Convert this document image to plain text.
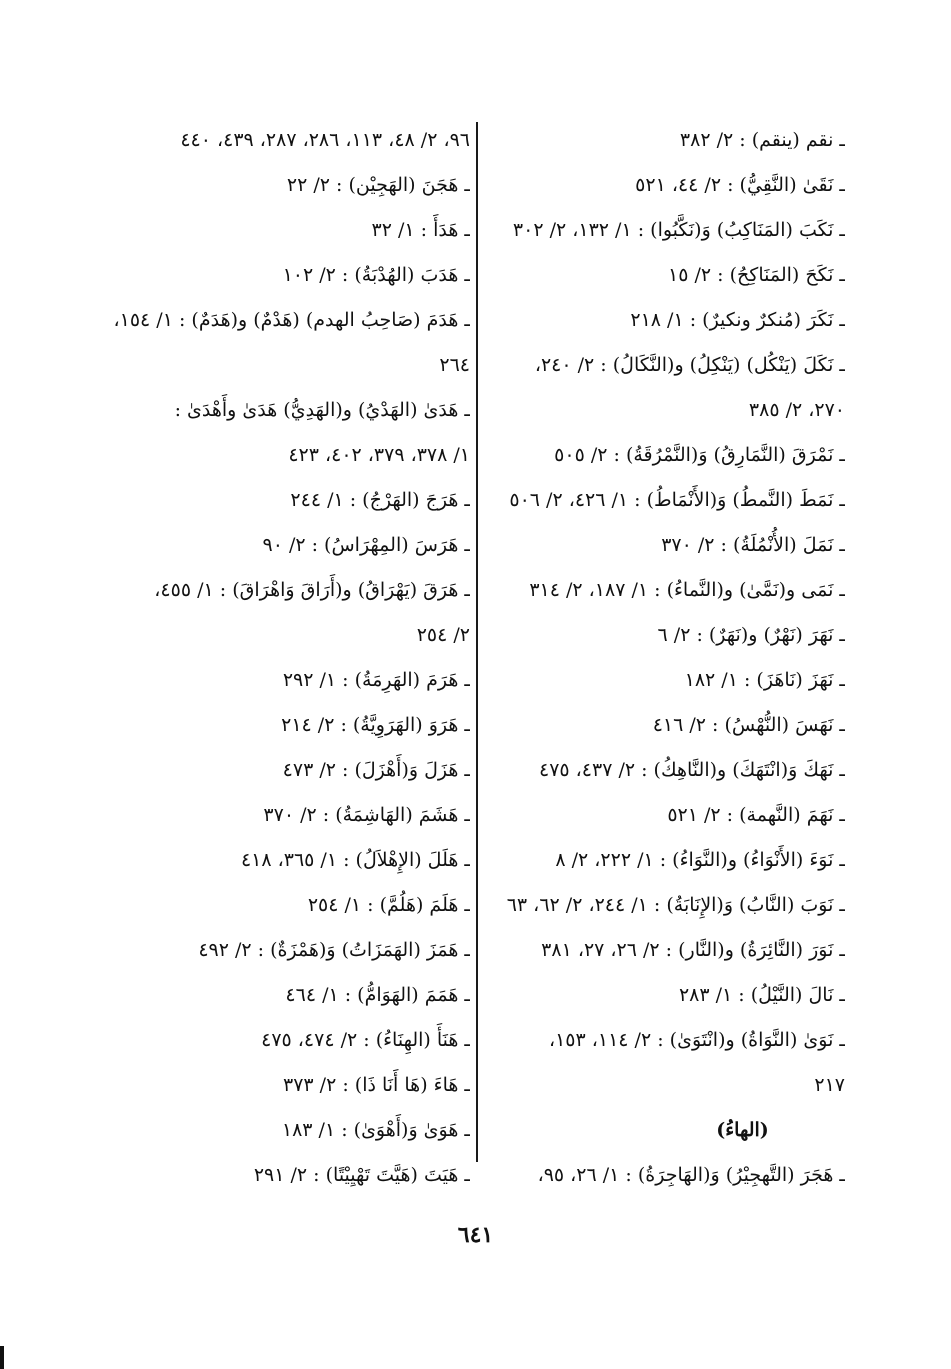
ـ نقم (ينقم) : ٢/ ٣٨٢
ـ نَقَىٰ (النَّقِيُّ) : ٢/ ٤٤، ٥٢١
ـ نَكَبَ (المَنَاكِبُ) وَ(نَكَّبُوا) : ١/ ١٣٢، ٢/ ٣٠٢
ـ نَكَحَ (المَنَاكِحُ) : ٢/ ١٥
ـ نَكَرَ (مُنكرٌ ونكيرٌ) : ١/ ٢١٨
ـ نَكَلَ (يَنْكُل) (يَنْكِلُ) و(النَّكَالُ) : ٢/ ٢٤٠،
٢٧٠، ٢/ ٣٨٥
ـ نَمْرَقَ (النَّمَارِقُ) وَ(النَّمْرُقَةُ) : ٢/ ٥٠٥
ـ نَمَطَ (النَّمطُ) وَ(الأَنْمَاطُ) : ١/ ٤٢٦، ٢/ ٥٠٦
ـ نَمَلَ (الأُنْمُلَةُ) : ٢/ ٣٧٠
ـ نَمَى و(نَمَّىٰ) و(النَّماءُ) : ١/ ١٨٧، ٢/ ٣١٤
ـ نَهَرَ (نَهْرٌ) و(نَهَرٌ) : ٢/ ٦
ـ نَهَزَ (نَاهَزَ) : ١/ ١٨٢
ـ نَهَسَ (النُّهْسُ) : ٢/ ٤١٦
ـ نَهَكَ وَ(انْتَهَكَ) و(النَّاهِكُ) : ٢/ ٤٣٧، ٤٧٥
ـ نَهَمَ (النَّهمة) : ٢/ ٥٢١
ـ نَوَءَ (الأَنْوَاءُ) و(النَّوَاءُ) : ١/ ٢٢٢، ٢/ ٨
ـ نَوَبَ (النَّابُ) وَ(الإِنَابَةُ) : ١/ ٢٤٤، ٢/ ٦٢، ٦٣
ـ نَوَرَ (النَّائِرَةُ) و(النَّار) : ٢/ ٢٦، ٢٧، ٣٨١
ـ نَالَ (النَّيْلُ) : ١/ ٢٨٣
ـ نَوَىٰ (النَّوَاةُ) و(انْتَوَىٰ) : ٢/ ١١٤، ١٥٣،
٢١٧
(الهاءُ)
ـ هَجَرَ (التَّهجِيْرُ) وَ(الهَاجِرَةُ) : ١/ ٢٦، ٩٥،
٩٦، ٢/ ٤٨، ١١٣، ٢٨٦، ٢٨٧، ٤٣٩، ٤٤٠
ـ هَجَنَ (الهَجِيْن) : ٢/ ٢٢
ـ هَدَأَ : ١/ ٣٢
ـ هَدَبَ (الهُدْبَةُ) : ٢/ ١٠٢
ـ هَدَمَ (صَاحِبُ الهدم) (هَدْمٌ) و(هَدَمٌ) : ١/ ١٥٤،
٢٦٤
ـ هَدَىٰ (الهَدْيُ) و(الهَدِيُّ) هَدَىٰ وأَهْدَىٰ :
١/ ٣٧٨، ٣٧٩، ٤٠٢، ٤٢٣
ـ هَرَجَ (الهَرْجُ) : ١/ ٢٤٤
ـ هَرَسَ (المِهْرَاسُ) : ٢/ ٩٠
ـ هَرَقَ (يَهْرَاقُ) و(أَرَاقَ وَاهْرَاقَ) : ١/ ٤٥٥،
٢/ ٢٥٤
ـ هَرَمَ (الهَرِمَةُ) : ١/ ٢٩٢
ـ هَرَوَ (الهَرَوِيَّةُ) : ٢/ ٢١٤
ـ هَزَلَ وَ(أَهْزَلَ) : ٢/ ٤٧٣
ـ هَشَمَ (الهَاشِمَةُ) : ٢/ ٣٧٠
ـ هَلَلَ (الإِهْلاَلُ) : ١/ ٣٦٥، ٤١٨
ـ هَلَمَ (هَلُمَّ) : ١/ ٢٥٤
ـ هَمَزَ (الهَمَزَاتُ) وَ(هَمْزَةٌ) : ٢/ ٤٩٢
ـ هَمَمَ (الهَوَامُّ) : ١/ ٤٦٤
ـ هَنَأَ (الهِنَاءُ) : ٢/ ٤٧٤، ٤٧٥
ـ هَاءَ (هَا أَنَا ذَا) : ٢/ ٣٧٣
ـ هَوَىٰ وَ(أَهْوَىٰ) : ١/ ١٨٣
ـ هَيَتَ (هَيَّتَ تَهْيِيْتًا) : ٢/ ٢٩١
٦٤١
